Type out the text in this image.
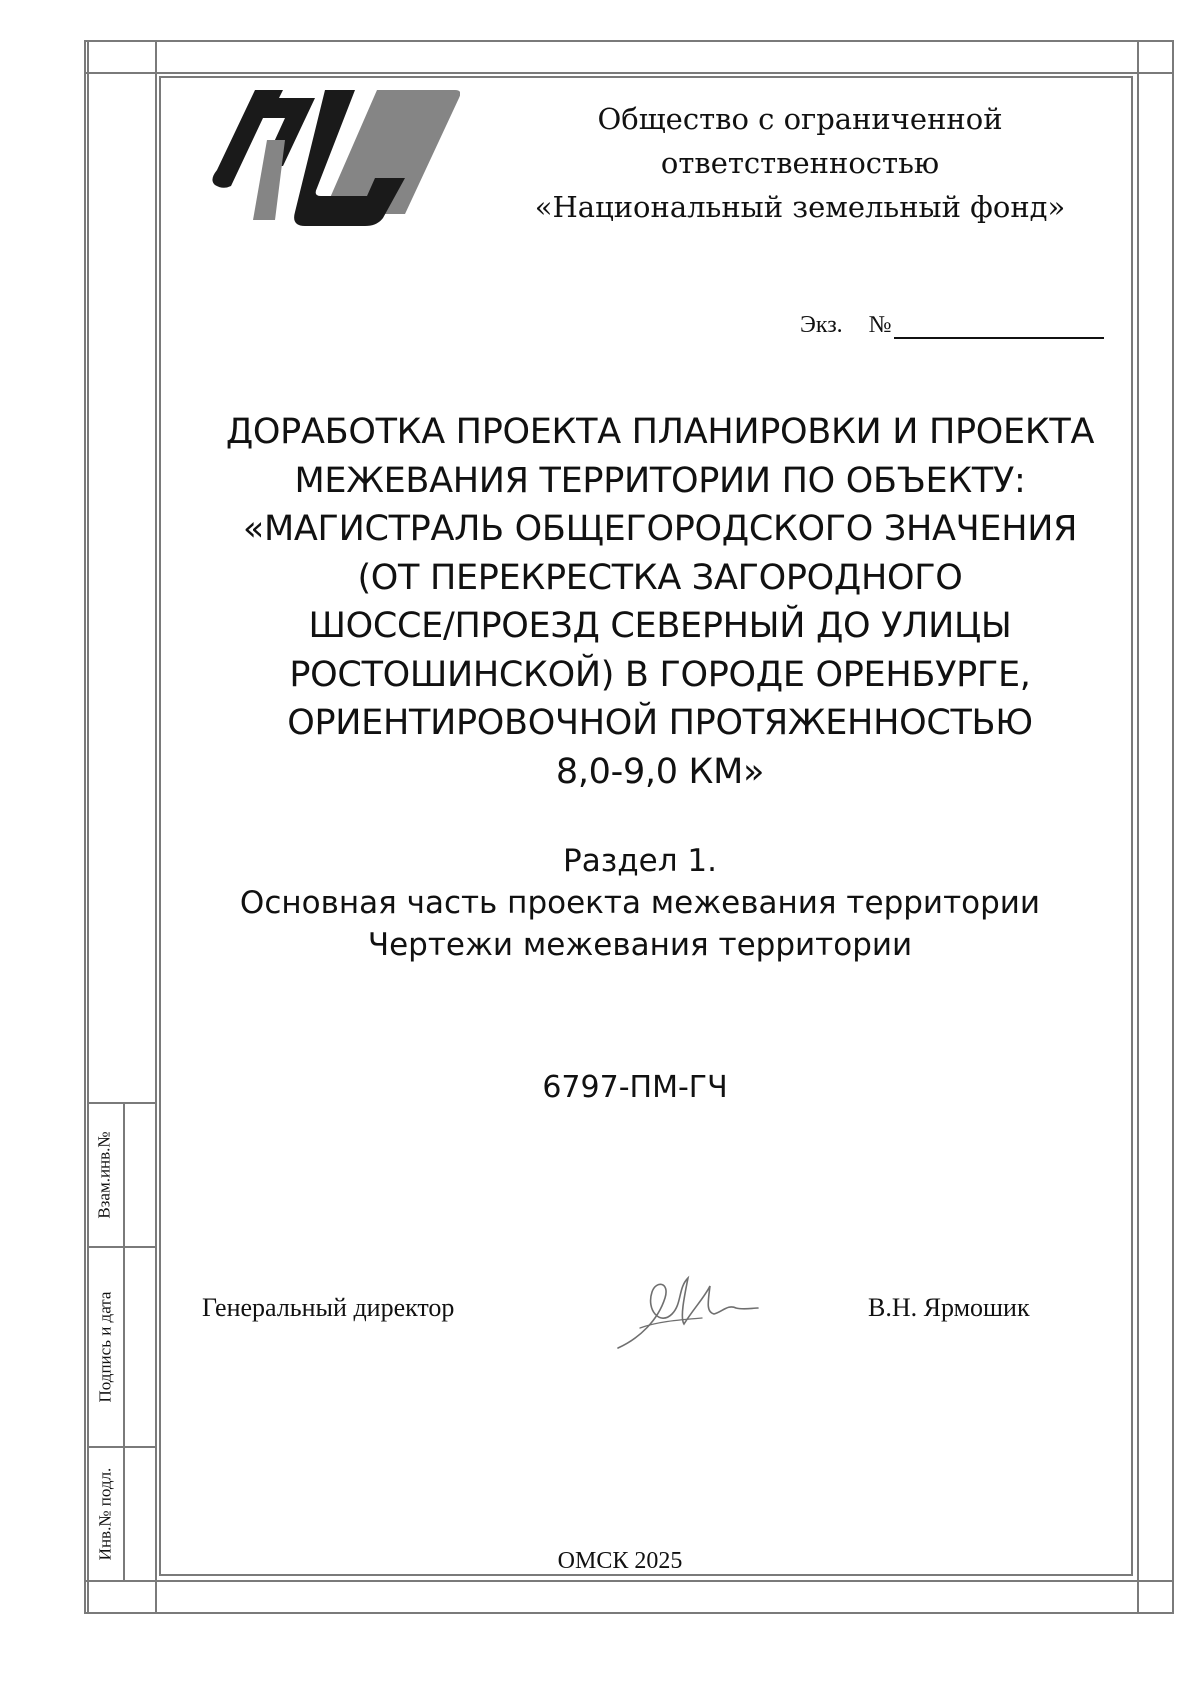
Взам.инв.№
Подпись и дата
Инв.№ подл.
Общество с ограниченной
ответственностью
«Национальный земельный фонд»
Экз. №
ДОРАБОТКА ПРОЕКТА ПЛАНИРОВКИ И ПРОЕКТА
МЕЖЕВАНИЯ ТЕРРИТОРИИ ПО ОБЪЕКТУ:
«МАГИСТРАЛЬ ОБЩЕГОРОДСКОГО ЗНАЧЕНИЯ
(ОТ ПЕРЕКРЕСТКА ЗАГОРОДНОГО
ШОССЕ/ПРОЕЗД СЕВЕРНЫЙ ДО УЛИЦЫ
РОСТОШИНСКОЙ) В ГОРОДЕ ОРЕНБУРГЕ,
ОРИЕНТИРОВОЧНОЙ ПРОТЯЖЕННОСТЬЮ
8,0-9,0 КМ»
Раздел 1.
Основная часть проекта межевания территории
Чертежи межевания территории
6797-ПМ-ГЧ
Генеральный директор	В.Н. Ярмошик
ОМСК 2025
